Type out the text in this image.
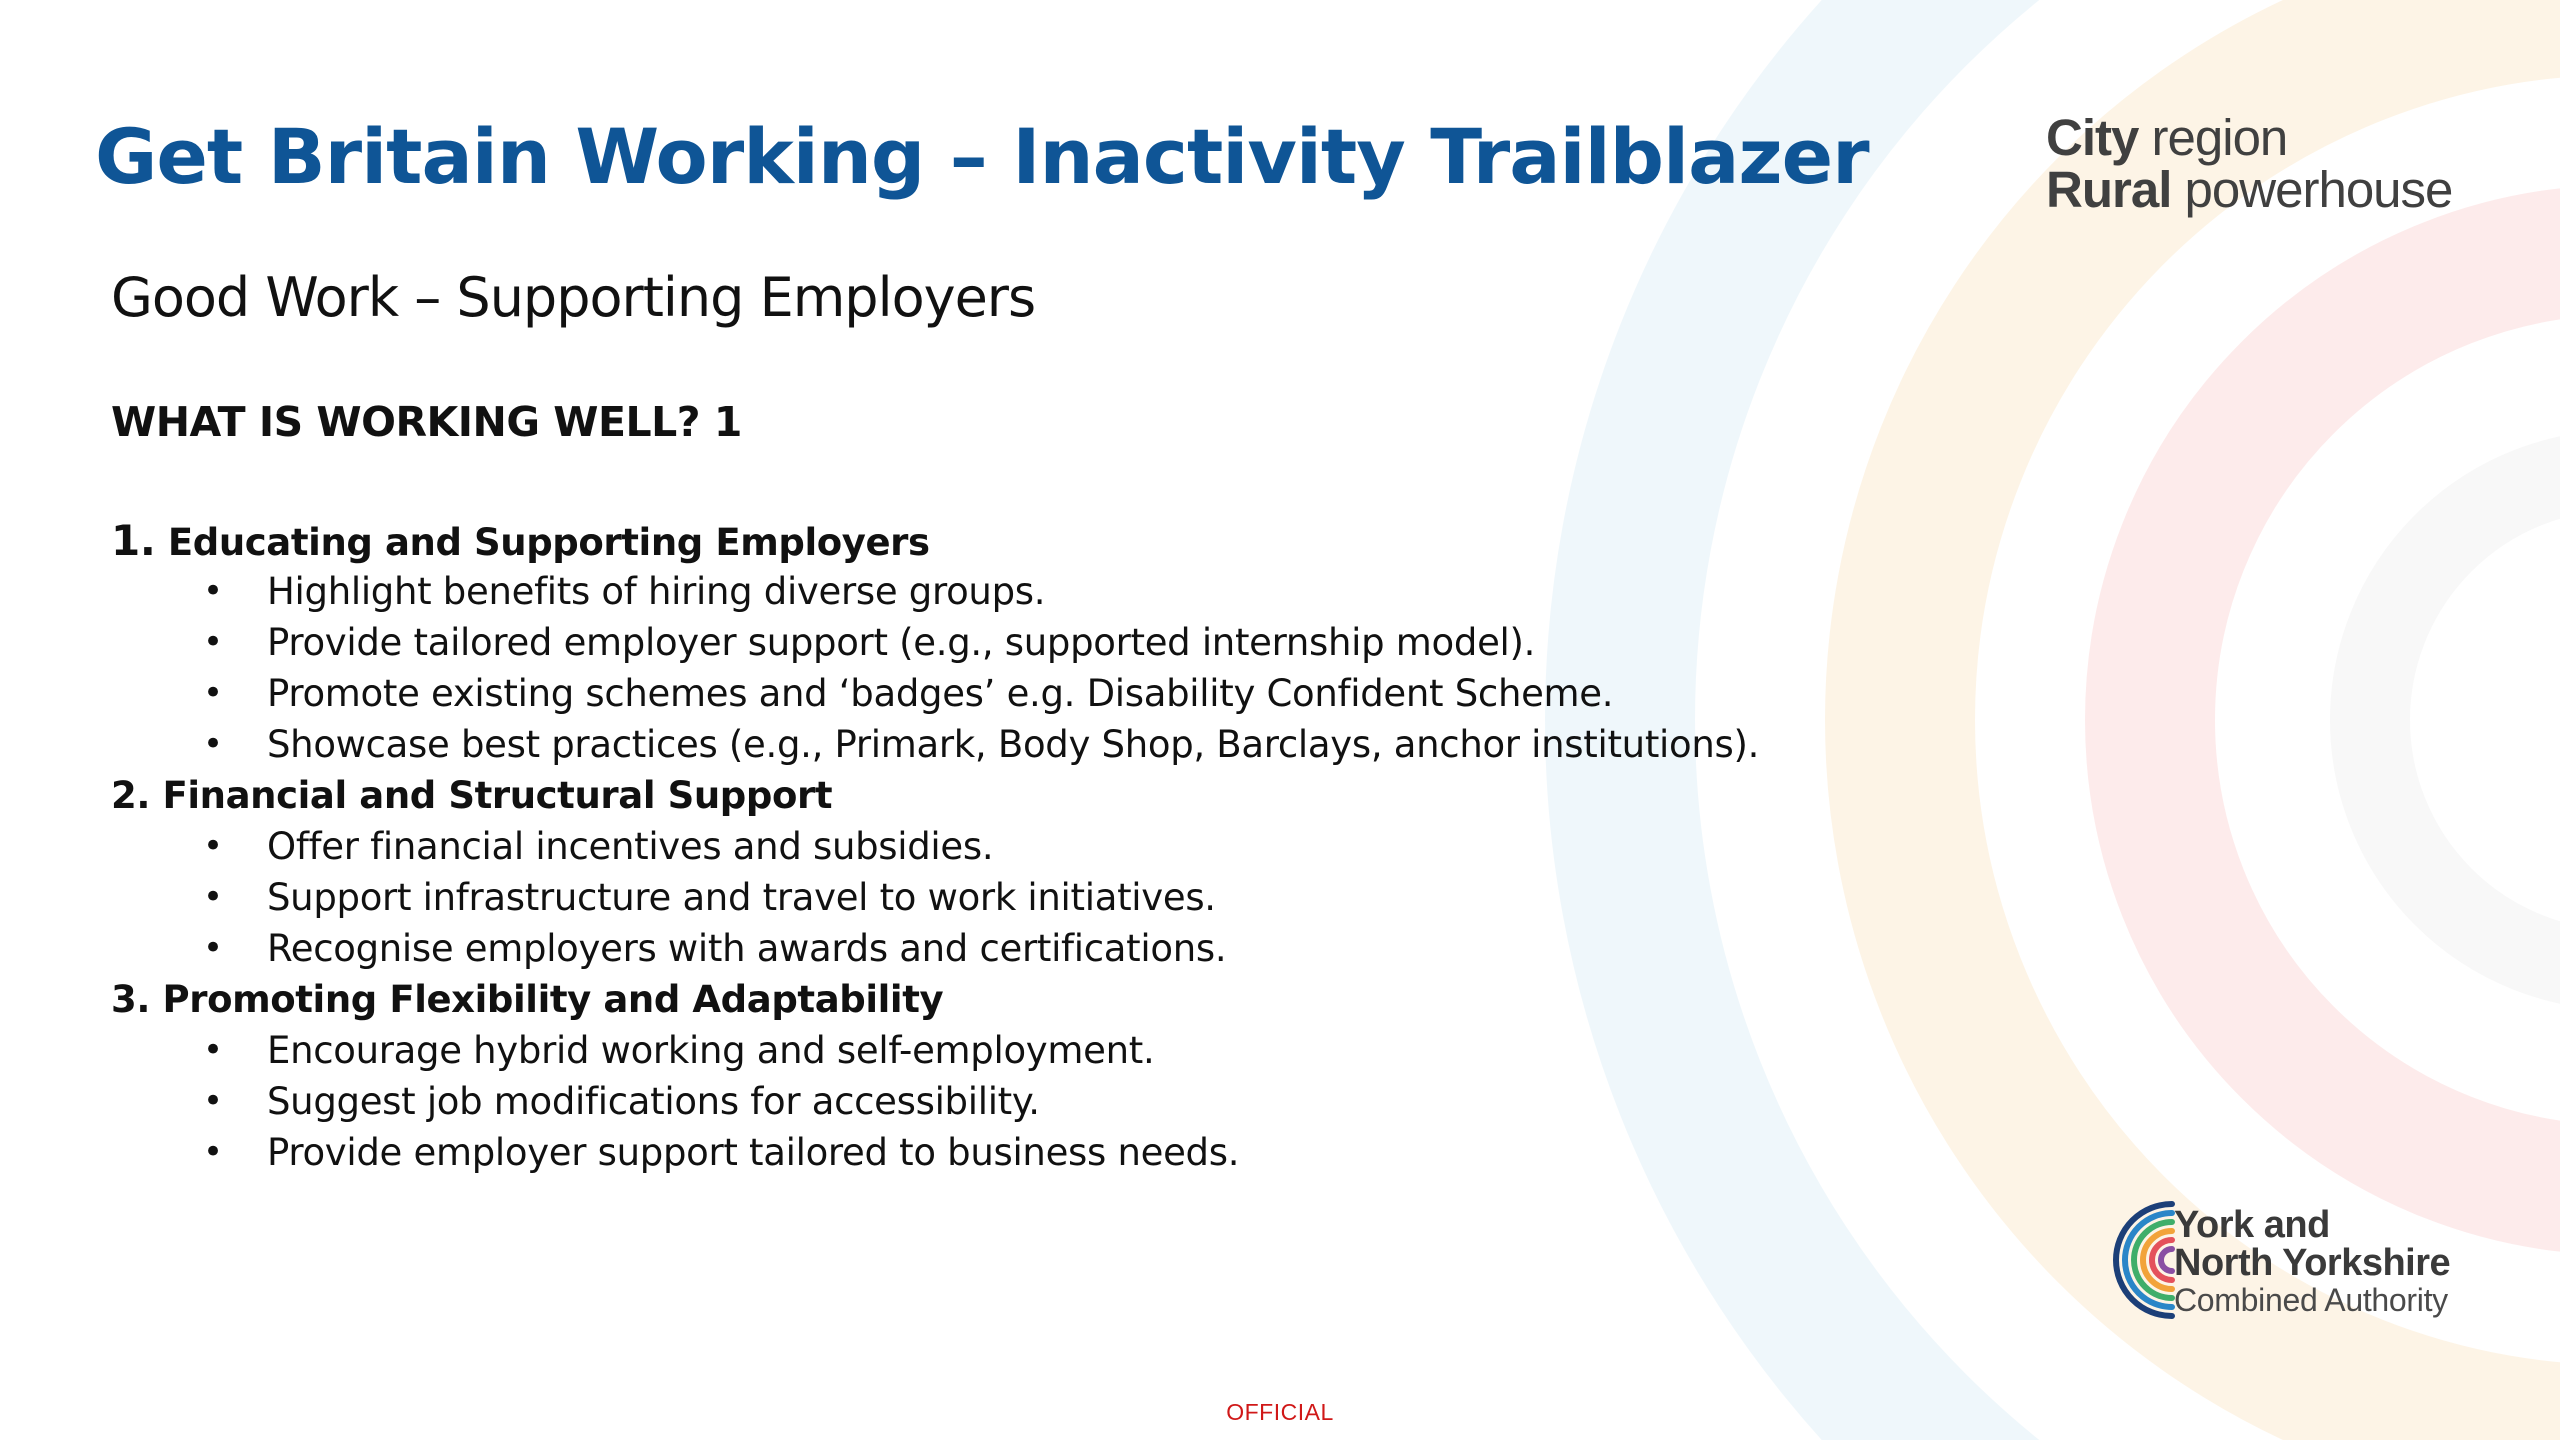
Get Britain Working – Inactivity Trailblazer
Good Work – Supporting Employers
WHAT IS WORKING WELL? 1
1. Educating and Supporting Employers
• Highlight benefits of hiring diverse groups.
• Provide tailored employer support (e.g., supported internship model).
• Promote existing schemes and ‘badges’ e.g. Disability Confident Scheme.
• Showcase best practices (e.g., Primark, Body Shop, Barclays, anchor institutions).
2. Financial and Structural Support
• Offer financial incentives and subsidies.
• Support infrastructure and travel to work initiatives.
• Recognise employers with awards and certifications.
3. Promoting Flexibility and Adaptability
• Encourage hybrid working and self-employment.
• Suggest job modifications for accessibility.
• Provide employer support tailored to business needs.
City region
Rural powerhouse
York and
North Yorkshire
Combined Authority
OFFICIAL
